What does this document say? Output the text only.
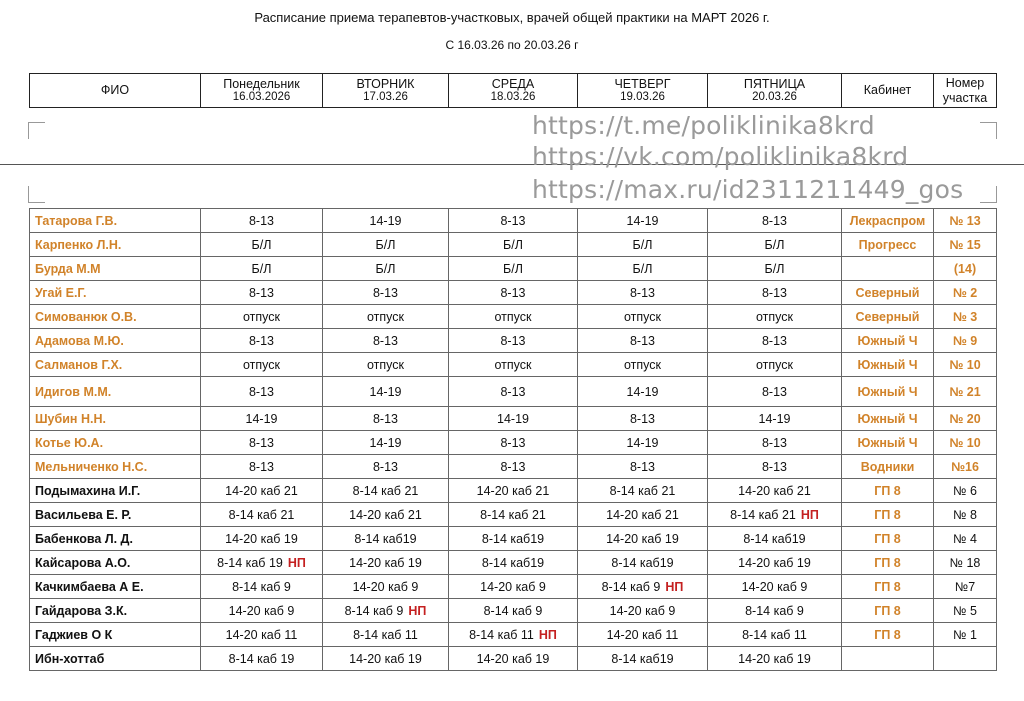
Расписание приема терапевтов-участковых, врачей общей практики на МАРТ 2026 г.
С 16.03.26 по 20.03.26 г
ФИО	Понедельник
16.03.2026
	ВТОРНИК
17.03.26
	СРЕДА
18.03.26
	ЧЕТВЕРГ
19.03.26
	ПЯТНИЦА
20.03.26	Кабинет	Номер участка
https://t.me/poliklinika8krd
https://vk.com/poliklinika8krd
https://max.ru/id2311211449_gos
Татарова Г.В.	8-13	14-19	8-13	14-19	8-13	Лекраспром	№ 13
Карпенко Л.Н.	Б/Л	Б/Л	Б/Л	Б/Л	Б/Л	Прогресс	№ 15
Бурда М.М	Б/Л	Б/Л	Б/Л	Б/Л	Б/Л		(14)
Угай Е.Г.	8-13	8-13	8-13	8-13	8-13	Северный	№ 2
Симованюк О.В.	отпуск	отпуск	отпуск	отпуск	отпуск	Северный	№ 3
Адамова М.Ю.	8-13	8-13	8-13	8-13	8-13	Южный Ч	№ 9
Салманов Г.Х.	отпуск	отпуск	отпуск	отпуск	отпуск	Южный Ч	№ 10
Идигов М.М.	8-13	14-19	8-13	14-19	8-13	Южный Ч	№ 21
Шубин Н.Н.	14-19	8-13	14-19	8-13	14-19	Южный Ч	№ 20
Котье Ю.А.	8-13	14-19	8-13	14-19	8-13	Южный Ч	№ 10
Мельниченко Н.С.	8-13	8-13	8-13	8-13	8-13	Водники	№16
Подымахина И.Г.	14-20 каб 21	8-14 каб 21	14-20 каб 21	8-14 каб 21	14-20 каб 21	ГП 8	№ 6
Васильева Е. Р.	8-14 каб 21	14-20 каб 21	8-14 каб 21	14-20 каб 21	8-14 каб 21 НП	ГП 8	№ 8
Бабенкова Л. Д.	14-20 каб 19	8-14 каб19	8-14 каб19	14-20 каб 19	8-14 каб19	ГП 8	№ 4
Кайсарова А.О.	8-14 каб 19 НП	14-20 каб 19	8-14 каб19	8-14 каб19	14-20 каб 19	ГП 8	№ 18
Качкимбаева А Е.	8-14 каб 9	14-20 каб 9	14-20 каб 9	8-14 каб 9 НП	14-20 каб 9	ГП 8	№7
Гайдарова З.К.	14-20 каб 9	8-14 каб 9 НП	8-14 каб 9	14-20 каб 9	8-14 каб 9	ГП 8	№ 5
Гаджиев О К	14-20 каб 11	8-14 каб 11	8-14 каб 11 НП	14-20 каб 11	8-14 каб 11	ГП 8	№ 1
Ибн-хоттаб	8-14 каб 19	14-20 каб 19	14-20 каб 19	8-14 каб19	14-20 каб 19		
